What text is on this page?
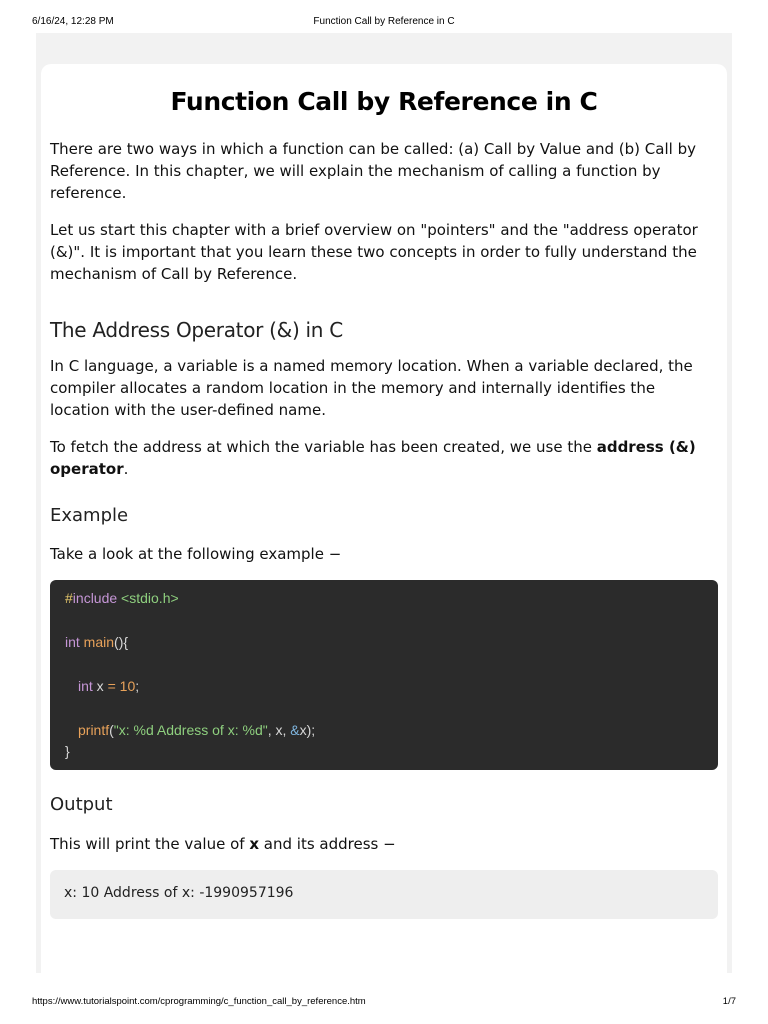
6/16/24, 12:28 PM	Function Call by Reference in C
Function Call by Reference in C

There are two ways in which a function can be called: (a) Call by Value and (b) Call by Reference. In this chapter, we will explain the mechanism of calling a function by reference.

Let us start this chapter with a brief overview on "pointers" and the "address operator (&)". It is important that you learn these two concepts in order to fully understand the mechanism of Call by Reference.

The Address Operator (&) in C

In C language, a variable is a named memory location. When a variable declared, the compiler allocates a random location in the memory and internally identifies the location with the user-defined name.

To fetch the address at which the variable has been created, we use the address (&) operator.

Example

Take a look at the following example −

#include <stdio.h>
int main(){
int x = 10;
printf("x: %d Address of x: %d", x, &x);
}
Output

This will print the value of x and its address −

x: 10 Address of x: -1990957196
https://www.tutorialspoint.com/cprogramming/c_function_call_by_reference.htm	1/7
